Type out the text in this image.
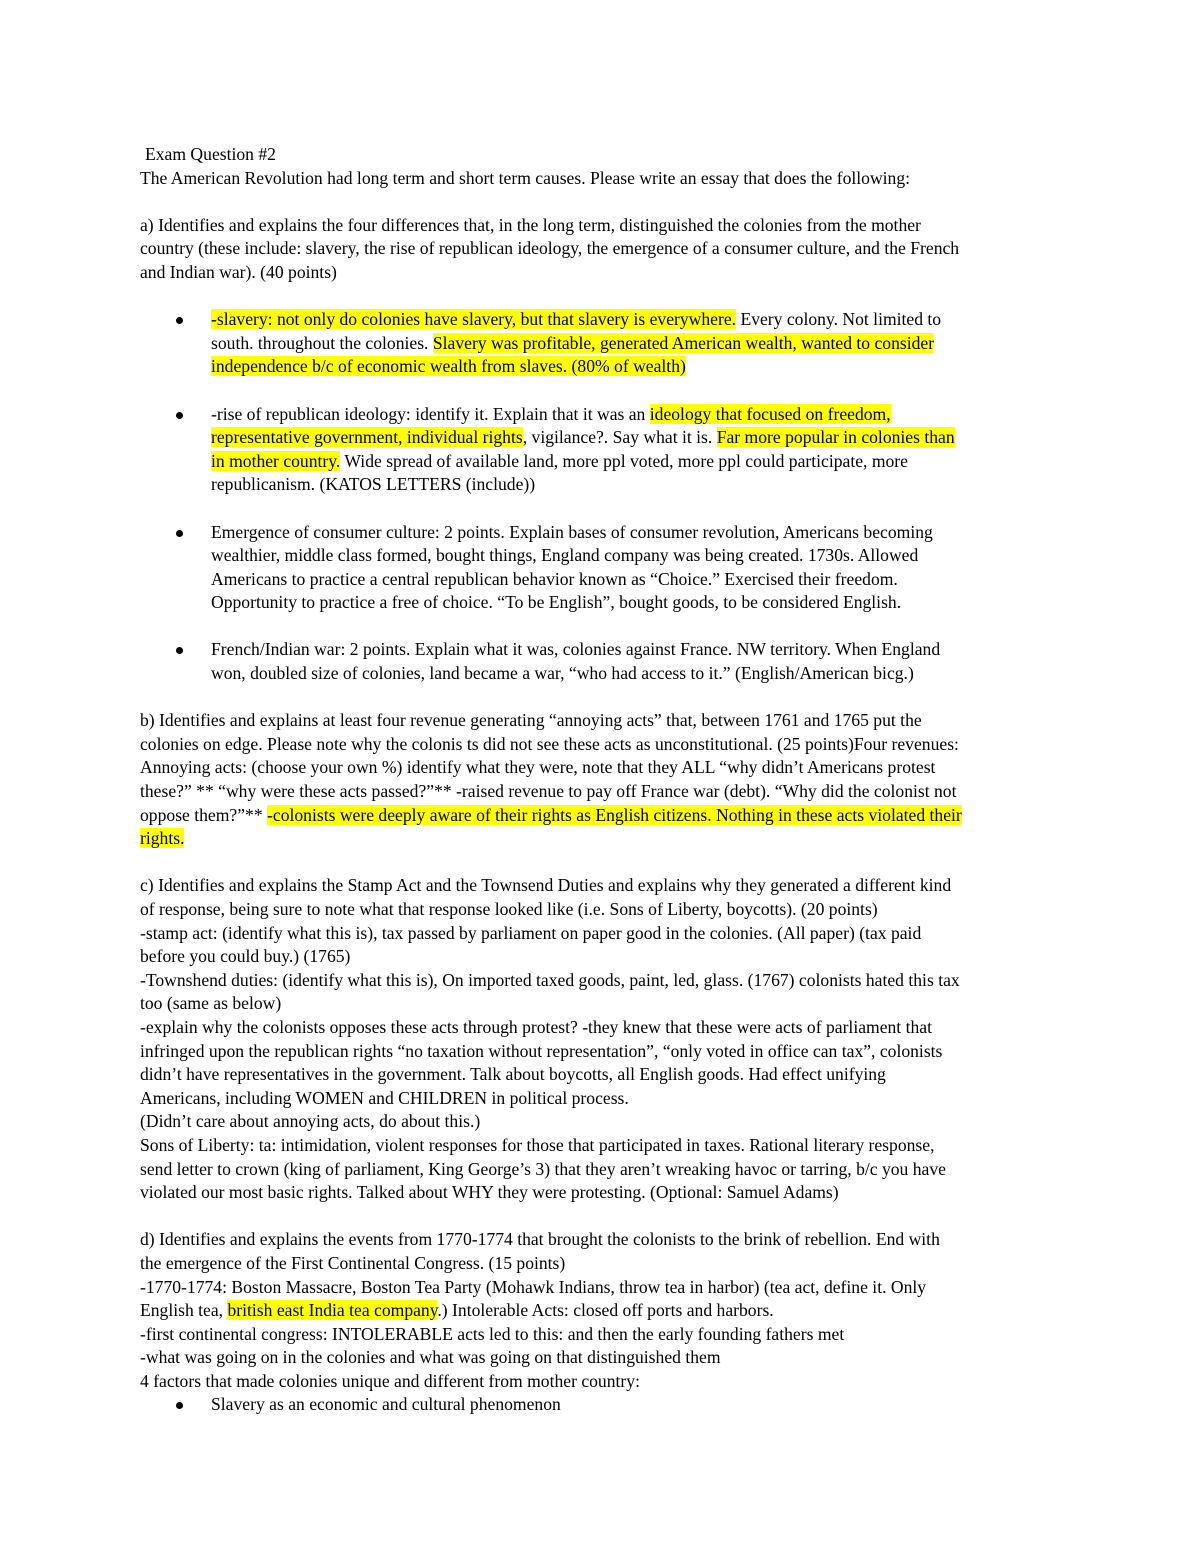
Exam Question #2
The American Revolution had long term and short term causes. Please write an essay that does the following:
a) Identifies and explains the four differences that, in the long term, distinguished the colonies from the mother
country (these include: slavery, the rise of republican ideology, the emergence of a consumer culture, and the French
and Indian war). (40 points)
-slavery: not only do colonies have slavery, but that slavery is everywhere. Every colony. Not limited to
south. throughout the colonies. Slavery was profitable, generated American wealth, wanted to consider
independence b/c of economic wealth from slaves. (80% of wealth)
-rise of republican ideology: identify it. Explain that it was an ideology that focused on freedom,
representative government, individual rights, vigilance?. Say what it is. Far more popular in colonies than
in mother country. Wide spread of available land, more ppl voted, more ppl could participate, more
republicanism. (KATOS LETTERS (include))
Emergence of consumer culture: 2 points. Explain bases of consumer revolution, Americans becoming
wealthier, middle class formed, bought things, England company was being created. 1730s. Allowed
Americans to practice a central republican behavior known as “Choice.” Exercised their freedom.
Opportunity to practice a free of choice. “To be English”, bought goods, to be considered English.
French/Indian war: 2 points. Explain what it was, colonies against France. NW territory. When England
won, doubled size of colonies, land became a war, “who had access to it.” (English/American bicg.)
b) Identifies and explains at least four revenue generating “annoying acts” that, between 1761 and 1765 put the
colonies on edge. Please note why the colonis ts did not see these acts as unconstitutional. (25 points)Four revenues:
Annoying acts: (choose your own %) identify what they were, note that they ALL “why didn’t Americans protest
these?” ** “why were these acts passed?”** -raised revenue to pay off France war (debt). “Why did the colonist not
oppose them?”** -colonists were deeply aware of their rights as English citizens. Nothing in these acts violated their
rights.
c) Identifies and explains the Stamp Act and the Townsend Duties and explains why they generated a different kind
of response, being sure to note what that response looked like (i.e. Sons of Liberty, boycotts). (20 points)
-stamp act: (identify what this is), tax passed by parliament on paper good in the colonies. (All paper) (tax paid
before you could buy.) (1765)
-Townshend duties: (identify what this is), On imported taxed goods, paint, led, glass. (1767) colonists hated this tax
too (same as below)
-explain why the colonists opposes these acts through protest? -they knew that these were acts of parliament that
infringed upon the republican rights “no taxation without representation”, “only voted in office can tax”, colonists
didn’t have representatives in the government. Talk about boycotts, all English goods. Had effect unifying
Americans, including WOMEN and CHILDREN in political process.
(Didn’t care about annoying acts, do about this.)
Sons of Liberty: ta: intimidation, violent responses for those that participated in taxes. Rational literary response,
send letter to crown (king of parliament, King George’s 3) that they aren’t wreaking havoc or tarring, b/c you have
violated our most basic rights. Talked about WHY they were protesting. (Optional: Samuel Adams)
d) Identifies and explains the events from 1770-1774 that brought the colonists to the brink of rebellion. End with
the emergence of the First Continental Congress. (15 points)
-1770-1774: Boston Massacre, Boston Tea Party (Mohawk Indians, throw tea in harbor) (tea act, define it. Only
English tea, british east India tea company.) Intolerable Acts: closed off ports and harbors.
-first continental congress: INTOLERABLE acts led to this: and then the early founding fathers met
-what was going on in the colonies and what was going on that distinguished them
4 factors that made colonies unique and different from mother country:
Slavery as an economic and cultural phenomenon
